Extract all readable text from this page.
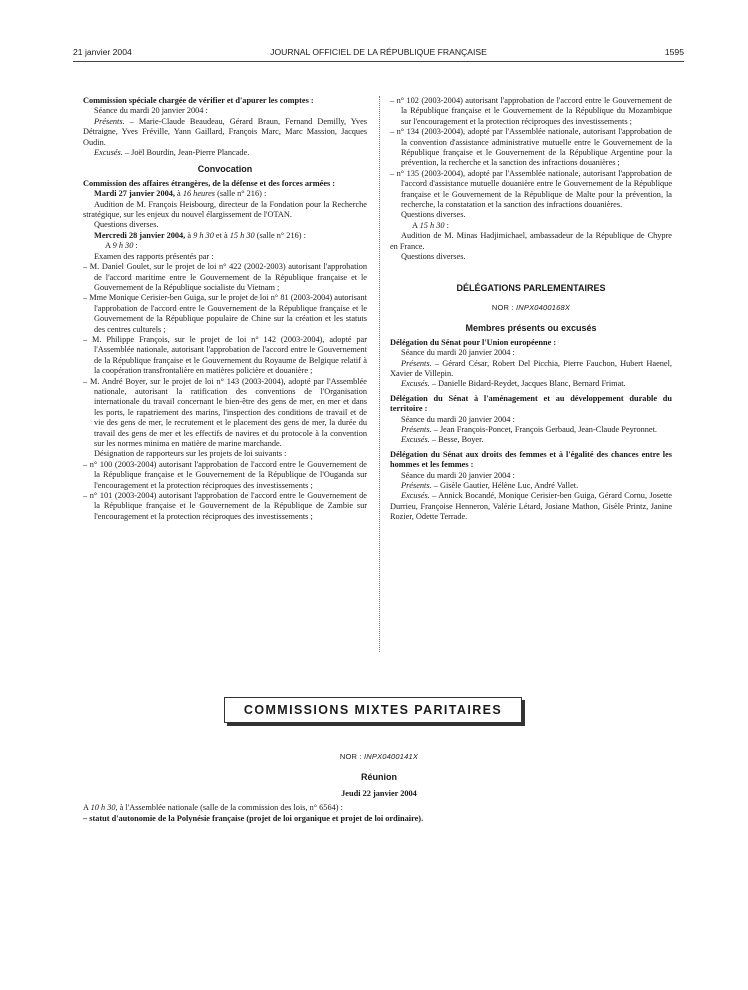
21 janvier 2004	JOURNAL OFFICIEL DE LA RÉPUBLIQUE FRANÇAISE	1595

Commission spéciale chargée de vérifier et d'apurer les comptes :

Séance du mardi 20 janvier 2004 :

Présents. – Marie-Claude Beaudeau, Gérard Braun, Fernand Demilly, Yves Détraigne, Yves Fréville, Yann Gaillard, François Marc, Marc Massion, Jacques Oudin.

Excusés. – Joël Bourdin, Jean-Pierre Plancade.

Convocation

Commission des affaires étrangères, de la défense et des forces armées :

Mardi 27 janvier 2004, à 16 heures (salle n° 216) :

Audition de M. François Heisbourg, directeur de la Fondation pour la Recherche stratégique, sur les enjeux du nouvel élargissement de l'OTAN.

Questions diverses.

Mercredi 28 janvier 2004, à 9 h 30 et à 15 h 30 (salle n° 216) :

A 9 h 30 :

Examen des rapports présentés par :

– M. Daniel Goulet, sur le projet de loi n° 422 (2002-2003) autorisant l'approbation de l'accord maritime entre le Gouvernement de la République française et le Gouvernement de la République socialiste du Vietnam ;

– Mme Monique Cerisier-ben Guiga, sur le projet de loi n° 81 (2003-2004) autorisant l'approbation de l'accord entre le Gouvernement de la République française et le Gouvernement de la République populaire de Chine sur la création et les statuts des centres culturels ;

– M. Philippe François, sur le projet de loi n° 142 (2003-2004), adopté par l'Assemblée nationale, autorisant l'approbation de l'accord entre le Gouvernement de la République française et le Gouvernement du Royaume de Belgique relatif à la coopération transfrontalière en matières policière et douanière ;

– M. André Boyer, sur le projet de loi n° 143 (2003-2004), adopté par l'Assemblée nationale, autorisant la ratification des conventions de l'Organisation internationale du travail concernant le bien-être des gens de mer, en mer et dans les ports, le rapatriement des marins, l'inspection des conditions de travail et de vie des gens de mer, le recrutement et le placement des gens de mer, la durée du travail des gens de mer et les effectifs de navires et du protocole à la convention sur les normes minima en matière de marine marchande.

Désignation de rapporteurs sur les projets de loi suivants :

– n° 100 (2003-2004) autorisant l'approbation de l'accord entre le Gouvernement de la République française et le Gouvernement de la République de l'Ouganda sur l'encouragement et la protection réciproques des investissements ;

– n° 101 (2003-2004) autorisant l'approbation de l'accord entre le Gouvernement de la République française et le Gouvernement de la République de Zambie sur l'encouragement et la protection réciproques des investissements ;

– n° 102 (2003-2004) autorisant l'approbation de l'accord entre le Gouvernement de la République française et le Gouvernement de la République du Mozambique sur l'encouragement et la protection réciproques des investissements ;

– n° 134 (2003-2004), adopté par l'Assemblée nationale, autorisant l'approbation de la convention d'assistance administrative mutuelle entre le Gouvernement de la République française et le Gouvernement de la République Argentine pour la prévention, la recherche et la sanction des infractions douanières ;

– n° 135 (2003-2004), adopté par l'Assemblée nationale, autorisant l'approbation de l'accord d'assistance mutuelle douanière entre le Gouvernement de la République française et le Gouvernement de la République de Malte pour la prévention, la recherche, la constatation et la sanction des infractions douanières.

Questions diverses.

A 15 h 30 :

Audition de M. Minas Hadjimichael, ambassadeur de la République de Chypre en France.

Questions diverses.

DÉLÉGATIONS PARLEMENTAIRES

NOR : INPX0400168X

Membres présents ou excusés

Délégation du Sénat pour l'Union européenne :

Séance du mardi 20 janvier 2004 :

Présents. – Gérard César, Robert Del Picchia, Pierre Fauchon, Hubert Haenel, Xavier de Villepin.

Excusés. – Danielle Bidard-Reydet, Jacques Blanc, Bernard Frimat.

Délégation du Sénat à l'aménagement et au développement durable du territoire :

Séance du mardi 20 janvier 2004 :

Présents. – Jean François-Poncet, François Gerbaud, Jean-Claude Peyronnet.

Excusés. – Besse, Boyer.

Délégation du Sénat aux droits des femmes et à l'égalité des chances entre les hommes et les femmes :

Séance du mardi 20 janvier 2004 :

Présents. – Gisèle Gautier, Hélène Luc, André Vallet.

Excusés. – Annick Bocandé, Monique Cerisier-ben Guiga, Gérard Cornu, Josette Durrieu, Françoise Henneron, Valérie Létard, Josiane Mathon, Gisèle Printz, Janine Rozier, Odette Terrade.

COMMISSIONS MIXTES PARITAIRES

NOR : INPX0400141X

Réunion

Jeudi 22 janvier 2004

A 10 h 30, à l'Assemblée nationale (salle de la commission des lois, n° 6564) :

– statut d'autonomie de la Polynésie française (projet de loi organique et projet de loi ordinaire).
